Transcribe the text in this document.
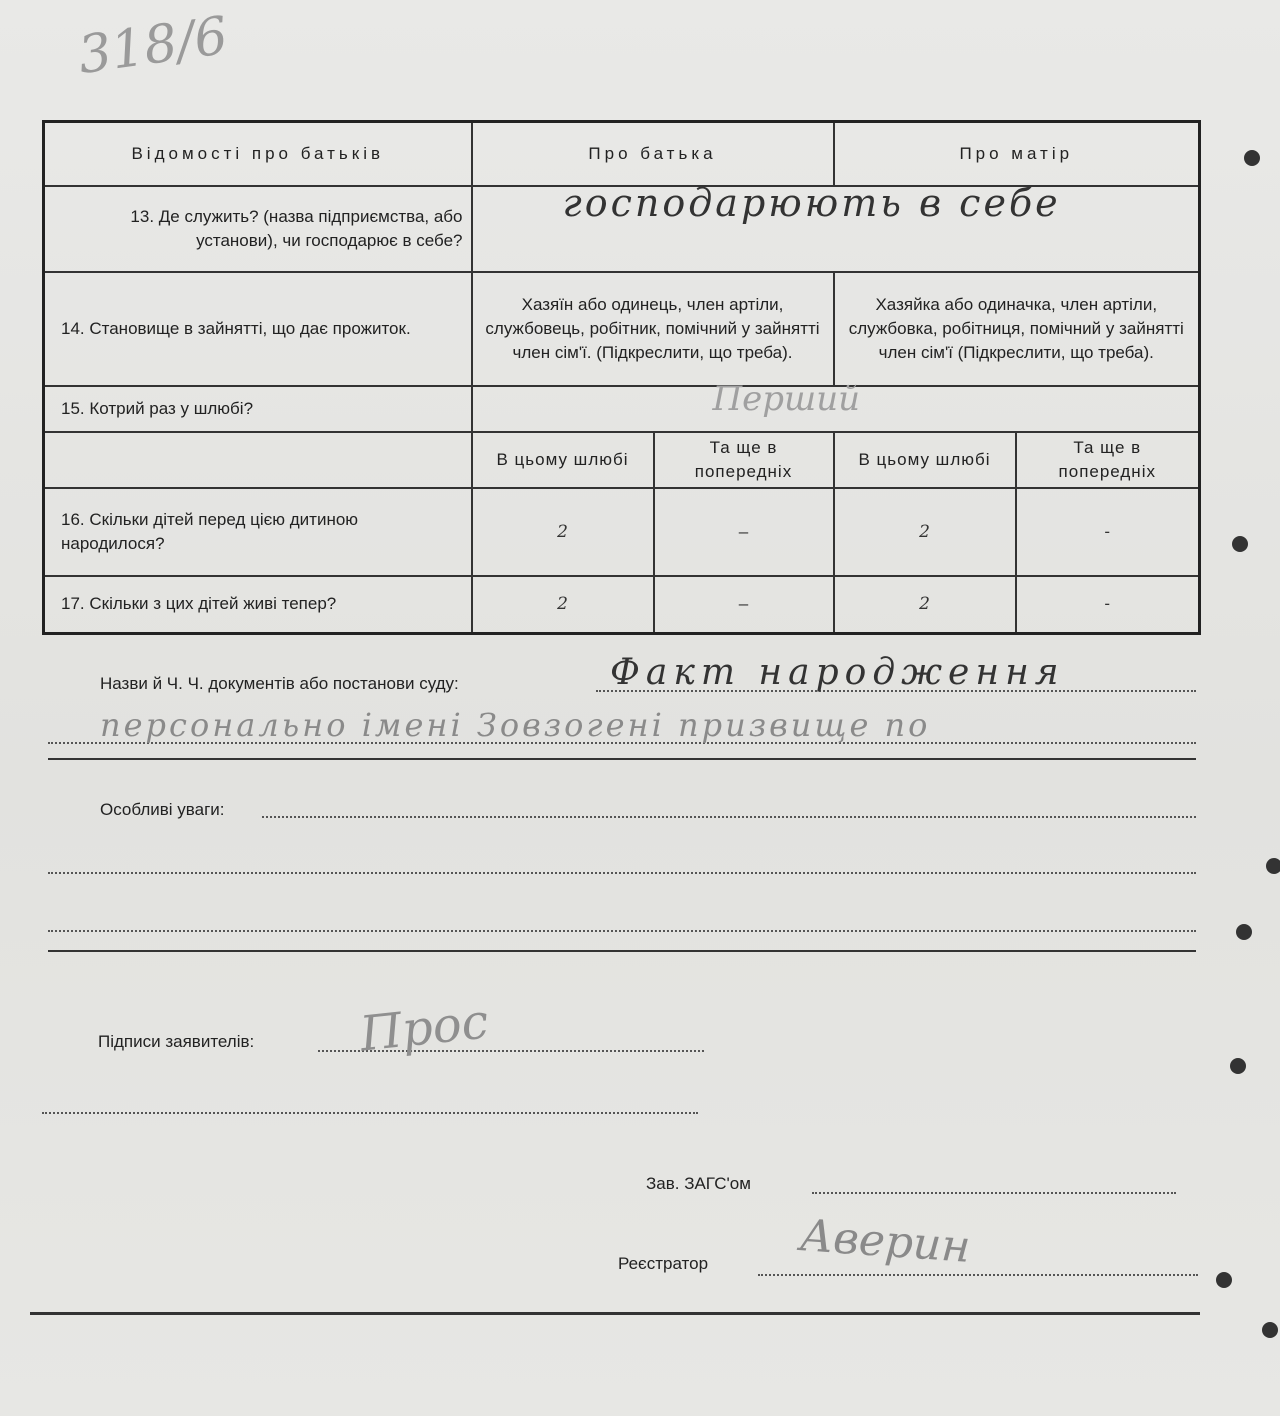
318/6
Відомості про батьків	Про батька		Про матір	
13. Де служить? (назва підприємства, або установи), чи господарює в себе?	господарюють в себе			

14. Становище в зайнятті, що дає прожиток.	Хазяїн або одинець, член артіли, службовець, робітник, помічний у зайнятті член сім'ї. (Підкреслити, що треба).		Хазяйка або одиначка, член артіли, службовка, робітниця, помічний у зайнятті член сім'ї (Підкреслити, що треба).	
15. Котрий раз у шлюбі?	Перший			

	В цьому шлюбі	Та ще в попередніх	В цьому шлюбі	Та ще в попередніх
16. Скільки дітей перед цією дитиною народилося?	2	–	2	-
17. Скільки з цих дітей живі тепер?	2	–	2	-
Назви й Ч. Ч. документів або постанови суду:	Факт народження
персонально імені Зовзогені призвище по
Особливі уваги:
Підписи заявителів: Прос
Зав. ЗАГС'ом
Реєстратор Аверин
